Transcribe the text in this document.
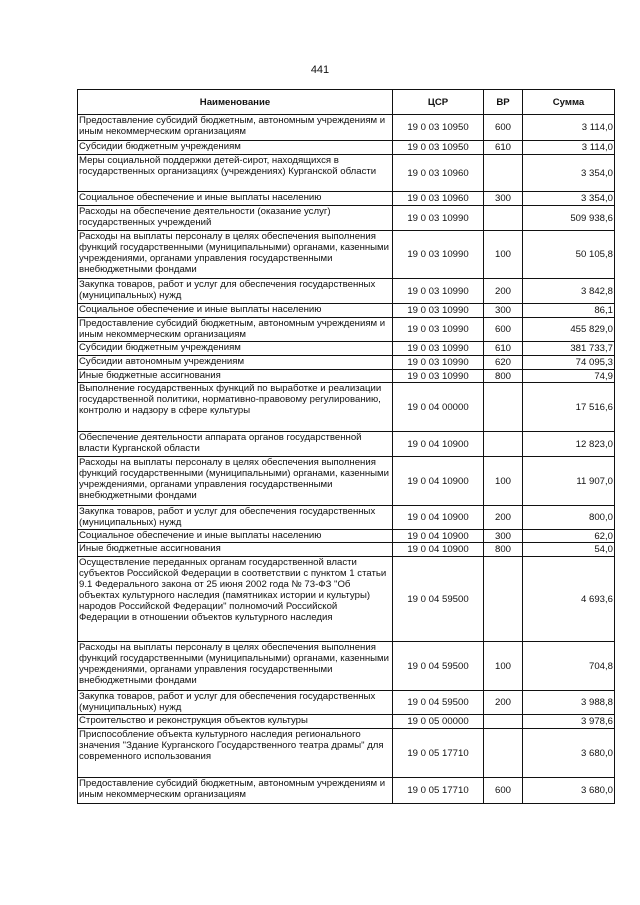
441
Наименование	ЦСР	ВР	Сумма
Предоставление субсидий бюджетным, автономным учреждениям и иным некоммерческим организациям	19 0 03 10950	600	3 114,0
Субсидии бюджетным учреждениям	19 0 03 10950	610	3 114,0
Меры социальной поддержки детей-сирот, находящихся в государственных организациях (учреждениях) Курганской области	19 0 03 10960		3 354,0
Социальное обеспечение и иные выплаты населению	19 0 03 10960	300	3 354,0
Расходы на обеспечение деятельности (оказание услуг) государственных учреждений	19 0 03 10990		509 938,6
Расходы на выплаты персоналу в целях обеспечения выполнения функций государственными (муниципальными) органами, казенными учреждениями, органами управления государственными внебюджетными фондами	19 0 03 10990	100	50 105,8
Закупка товаров, работ и услуг для обеспечения государственных (муниципальных) нужд	19 0 03 10990	200	3 842,8
Социальное обеспечение и иные выплаты населению	19 0 03 10990	300	86,1
Предоставление субсидий бюджетным, автономным учреждениям и иным некоммерческим организациям	19 0 03 10990	600	455 829,0
Субсидии бюджетным учреждениям	19 0 03 10990	610	381 733,7
Субсидии автономным учреждениям	19 0 03 10990	620	74 095,3
Иные бюджетные ассигнования	19 0 03 10990	800	74,9
Выполнение государственных функций по выработке и реализации государственной политики, нормативно-правовому регулированию, контролю и надзору в сфере культуры	19 0 04 00000		17 516,6
Обеспечение деятельности аппарата органов государственной власти Курганской области	19 0 04 10900		12 823,0
Расходы на выплаты персоналу в целях обеспечения выполнения функций государственными (муниципальными) органами, казенными учреждениями, органами управления государственными внебюджетными фондами	19 0 04 10900	100	11 907,0
Закупка товаров, работ и услуг для обеспечения государственных (муниципальных) нужд	19 0 04 10900	200	800,0
Социальное обеспечение и иные выплаты населению	19 0 04 10900	300	62,0
Иные бюджетные ассигнования	19 0 04 10900	800	54,0
Осуществление переданных органам государственной власти субъектов Российской Федерации в соответствии с пунктом 1 статьи 9.1 Федерального закона от 25 июня 2002 года № 73-ФЗ "Об объектах культурного наследия (памятниках истории и культуры) народов Российской Федерации" полномочий Российской Федерации в отношении объектов культурного наследия	19 0 04 59500		4 693,6
Расходы на выплаты персоналу в целях обеспечения выполнения функций государственными (муниципальными) органами, казенными учреждениями, органами управления государственными внебюджетными фондами	19 0 04 59500	100	704,8
Закупка товаров, работ и услуг для обеспечения государственных (муниципальных) нужд	19 0 04 59500	200	3 988,8
Строительство и реконструкция объектов культуры	19 0 05 00000		3 978,6
Приспособление объекта культурного наследия регионального значения "Здание Курганского Государственного театра драмы" для современного использования	19 0 05 17710		3 680,0
Предоставление субсидий бюджетным, автономным учреждениям и иным некоммерческим организациям	19 0 05 17710	600	3 680,0
